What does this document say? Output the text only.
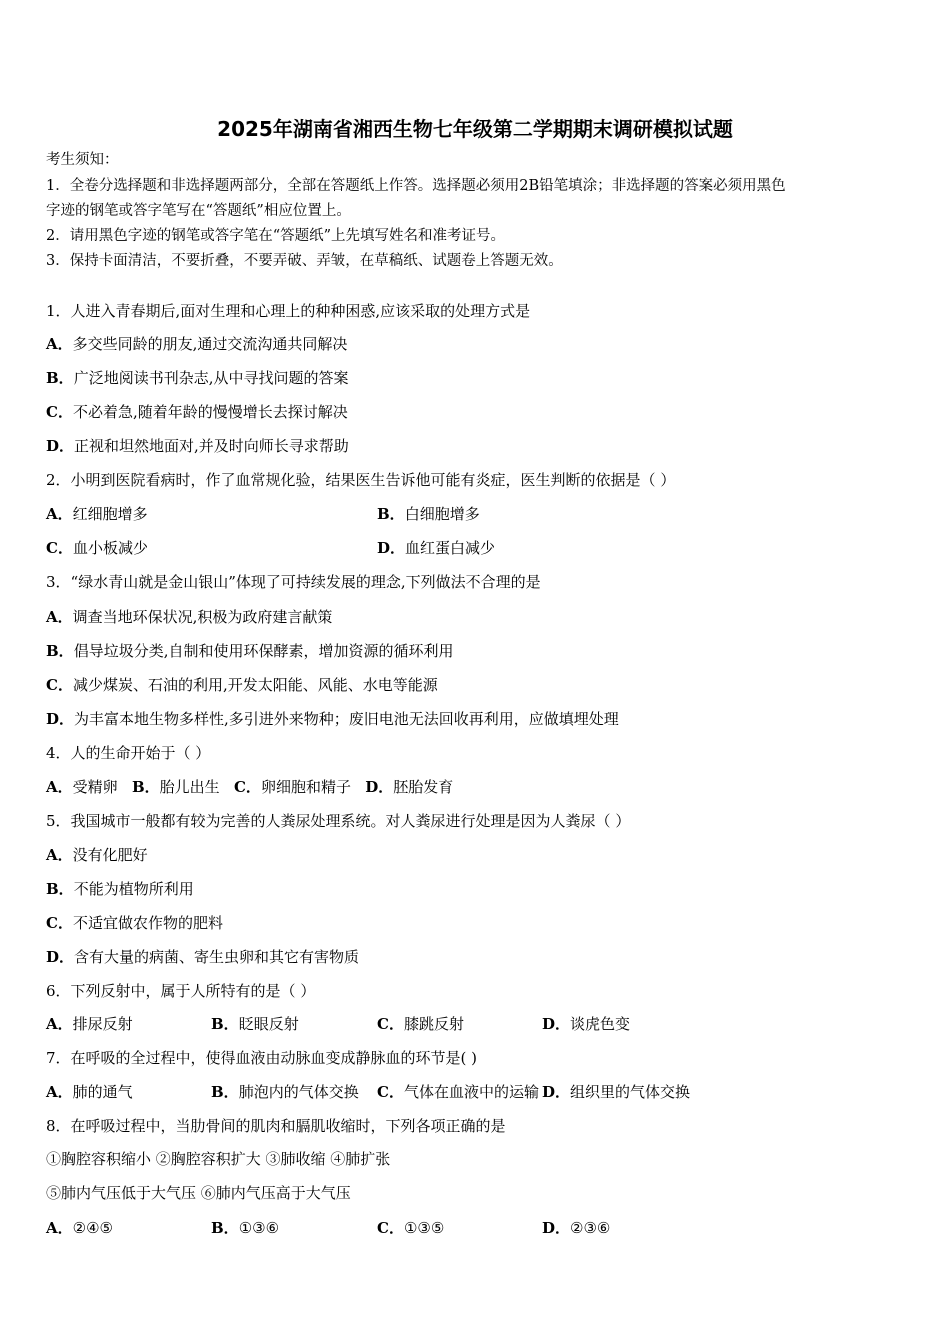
2025年湖南省湘西生物七年级第二学期期末调研模拟试题
考生须知：
1．全卷分选择题和非选择题两部分，全部在答题纸上作答。选择题必须用2B铅笔填涂；非选择题的答案必须用黑色
字迹的钢笔或答字笔写在“答题纸”相应位置上。
2．请用黑色字迹的钢笔或答字笔在“答题纸”上先填写姓名和准考证号。
3．保持卡面清洁，不要折叠，不要弄破、弄皱，在草稿纸、试题卷上答题无效。
1．人进入青春期后,面对生理和心理上的种种困惑,应该采取的处理方式是
A．多交些同龄的朋友,通过交流沟通共同解决
B．广泛地阅读书刊杂志,从中寻找问题的答案
C．不必着急,随着年龄的慢慢增长去探讨解决
D．正视和坦然地面对,并及时向师长寻求帮助
2．小明到医院看病时，作了血常规化验，结果医生告诉他可能有炎症，医生判断的依据是（ ）
A．红细胞增多	B．白细胞增多
C．血小板减少	D．血红蛋白减少
3．“绿水青山就是金山银山”体现了可持续发展的理念,下列做法不合理的是
A．调查当地环保状况,积极为政府建言献策
B．倡导垃圾分类,自制和使用环保酵素，增加资源的循环利用
C．减少煤炭、石油的利用,开发太阳能、风能、水电等能源
D．为丰富本地生物多样性,多引进外来物种；废旧电池无法回收再利用，应做填埋处理
4．人的生命开始于（ ）
A．受精卵 B．胎儿出生 C．卵细胞和精子 D．胚胎发育
5．我国城市一般都有较为完善的人粪尿处理系统。对人粪尿进行处理是因为人粪尿（ ）
A．没有化肥好
B．不能为植物所利用
C．不适宜做农作物的肥料
D．含有大量的病菌、寄生虫卵和其它有害物质
6．下列反射中，属于人所特有的是（ ）
A．排尿反射	B．眨眼反射	C．膝跳反射	D．谈虎色变
7．在呼吸的全过程中，使得血液由动脉血变成静脉血的环节是( )
A．肺的通气	B．肺泡内的气体交换 C．气体在血液中的运输 D．组织里的气体交换
8．在呼吸过程中，当肋骨间的肌肉和膈肌收缩时，下列各项正确的是
①胸腔容积缩小 ②胸腔容积扩大 ③肺收缩 ④肺扩张
⑤肺内气压低于大气压 ⑥肺内气压高于大气压
A．②④⑤	B．①③⑥	C．①③⑤	D．②③⑥
